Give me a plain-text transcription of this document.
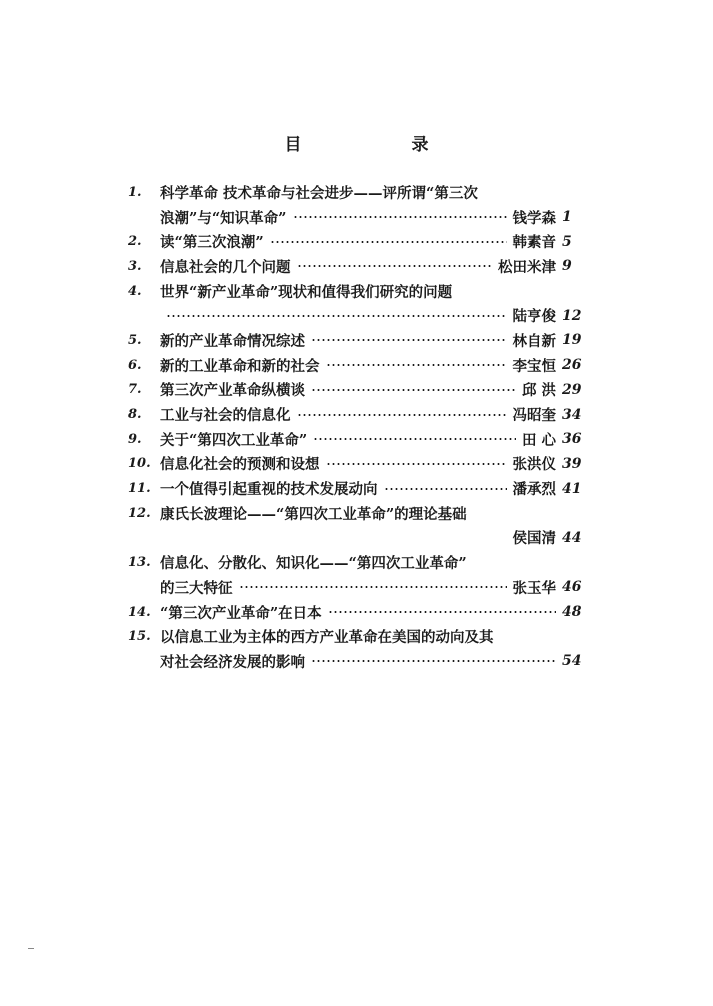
目 录
1.	科学革命 技术革命与社会进步——评所谓“第三次
浪潮”与“知识革命”	钱学森 1
2.	读“第三次浪潮”	韩素音 5
3.	信息社会的几个问题	松田米津 9
4.	世界“新产业革命”现状和值得我们研究的问题
陆亨俊 12
5.	新的产业革命情况综述	林自新 19
6.	新的工业革命和新的社会	李宝恒 26
7.	第三次产业革命纵横谈	邱 洪 29
8.	工业与社会的信息化	冯昭奎 34
9.	关于“第四次工业革命”	田 心 36
10. 信息化社会的预测和设想	张洪仪 39
11. 一个值得引起重视的技术发展动向	潘承烈 41
12. 康氏长波理论——“第四次工业革命”的理论基础
侯国清 44
13. 信息化、分散化、知识化——“第四次工业革命”
的三大特征	张玉华 46
14. “第三次产业革命”在日本	48
15. 以信息工业为主体的西方产业革命在美国的动向及其
对社会经济发展的影响	54
